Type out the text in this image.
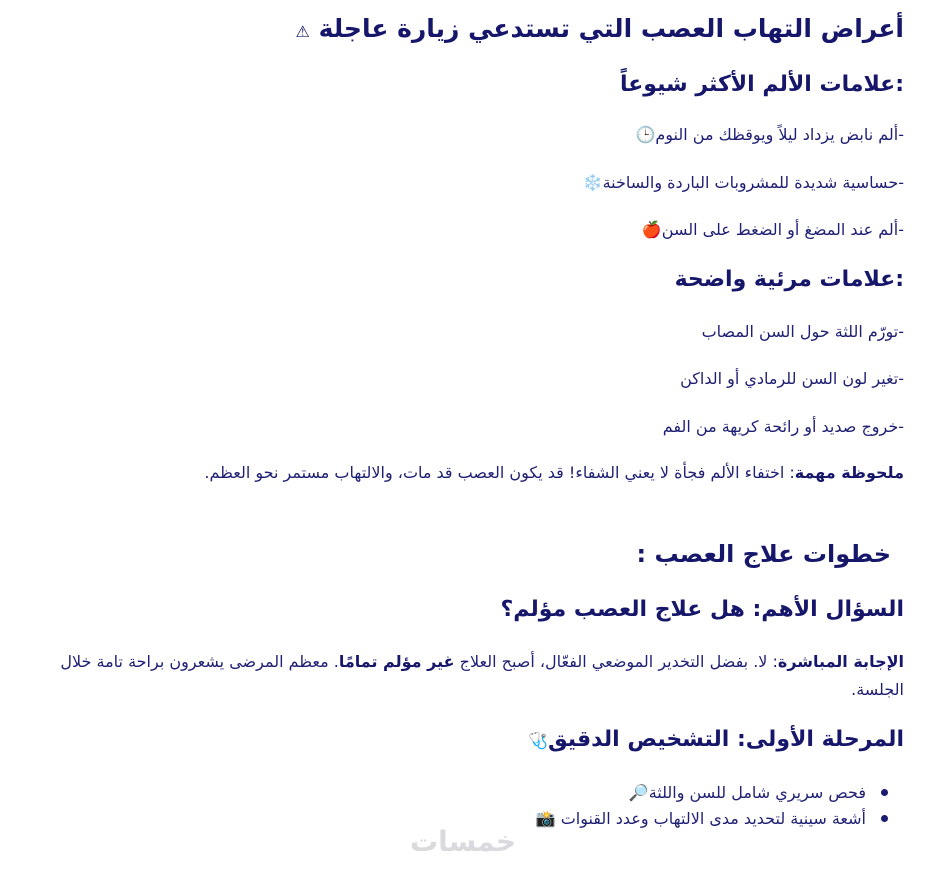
أعراض التهاب العصب التي تستدعي زيارة عاجلة ⚠
:علامات الألم الأكثر شيوعاً
-ألم نابض يزداد ليلاً ويوقظك من النوم🕒
-حساسية شديدة للمشروبات الباردة والساخنة❄️
-ألم عند المضغ أو الضغط على السن🍎
:علامات مرئية واضحة
-تورّم اللثة حول السن المصاب
-تغير لون السن للرمادي أو الداكن
-خروج صديد أو رائحة كريهة من الفم
ملحوظة مهمة: اختفاء الألم فجأة لا يعني الشفاء! قد يكون العصب قد مات، والالتهاب مستمر نحو العظم.
خطوات علاج العصب :
السؤال الأهم: هل علاج العصب مؤلم؟
الإجابة المباشرة: لا. بفضل التخدير الموضعي الفعّال، أصبح العلاج غير مؤلم تمامًا. معظم المرضى يشعرون براحة تامة خلال الجلسة.
المرحلة الأولى: التشخيص الدقيق🩺
فحص سريري شامل للسن واللثة🔎
أشعة سينية لتحديد مدى الالتهاب وعدد القنوات 📸
خمسات
